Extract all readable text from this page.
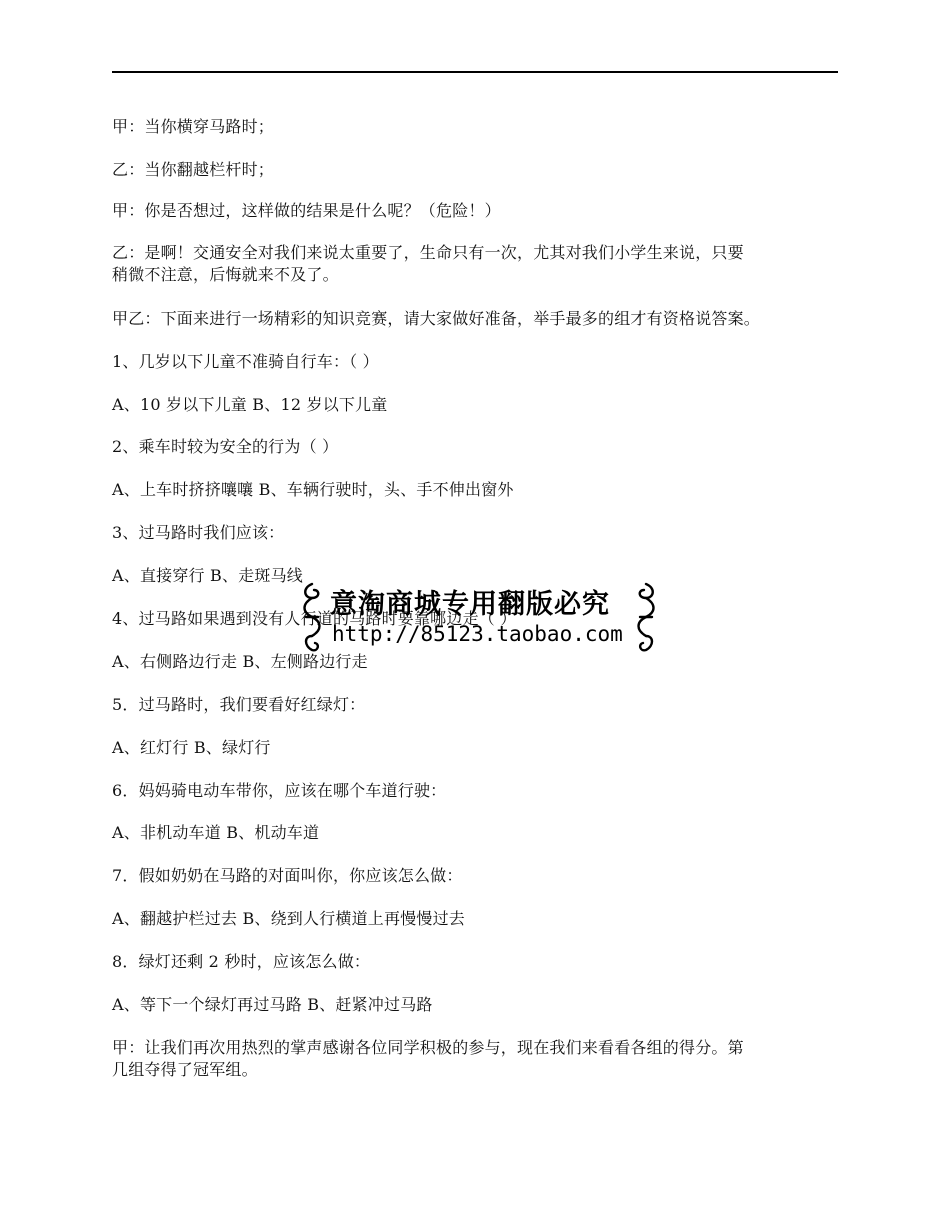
甲：当你横穿马路时；
乙：当你翻越栏杆时；
甲：你是否想过，这样做的结果是什么呢？（危险！）
乙：是啊！交通安全对我们来说太重要了，生命只有一次，尤其对我们小学生来说，只要
稍微不注意，后悔就来不及了。
甲乙：下面来进行一场精彩的知识竞赛，请大家做好准备，举手最多的组才有资格说答案。
1、几岁以下儿童不准骑自行车：（ ）
A、10 岁以下儿童 B、12 岁以下儿童
2、乘车时较为安全的行为（ ）
A、上车时挤挤嚷嚷 B、车辆行驶时，头、手不伸出窗外
3、过马路时我们应该：
A、直接穿行 B、走斑马线
4、过马路如果遇到没有人行道的马路时要靠哪边走（ ）
A、右侧路边行走 B、左侧路边行走
5．过马路时，我们要看好红绿灯：
A、红灯行 B、绿灯行
6．妈妈骑电动车带你，应该在哪个车道行驶：
A、非机动车道 B、机动车道
7．假如奶奶在马路的对面叫你，你应该怎么做：
A、翻越护栏过去 B、绕到人行横道上再慢慢过去
8．绿灯还剩 2 秒时，应该怎么做：
A、等下一个绿灯再过马路 B、赶紧冲过马路
甲：让我们再次用热烈的掌声感谢各位同学积极的参与，现在我们来看看各组的得分。第
几组夺得了冠军组。
意淘商城专用翻版必究
http://85123.taobao.com
